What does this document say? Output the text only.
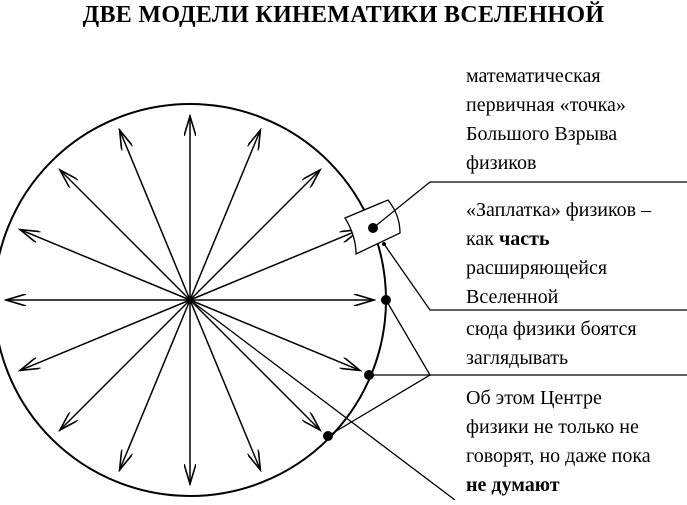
ДВЕ МОДЕЛИ КИНЕМАТИКИ ВСЕЛЕННОЙ
математическая
первичная «точка»
Большого Взрыва
физиков
«Заплатка» физиков –
как часть
расширяющейся
Вселенной
сюда физики боятся
заглядывать
Об этом Центре
физики не только не
говорят, но даже пока
не думают
